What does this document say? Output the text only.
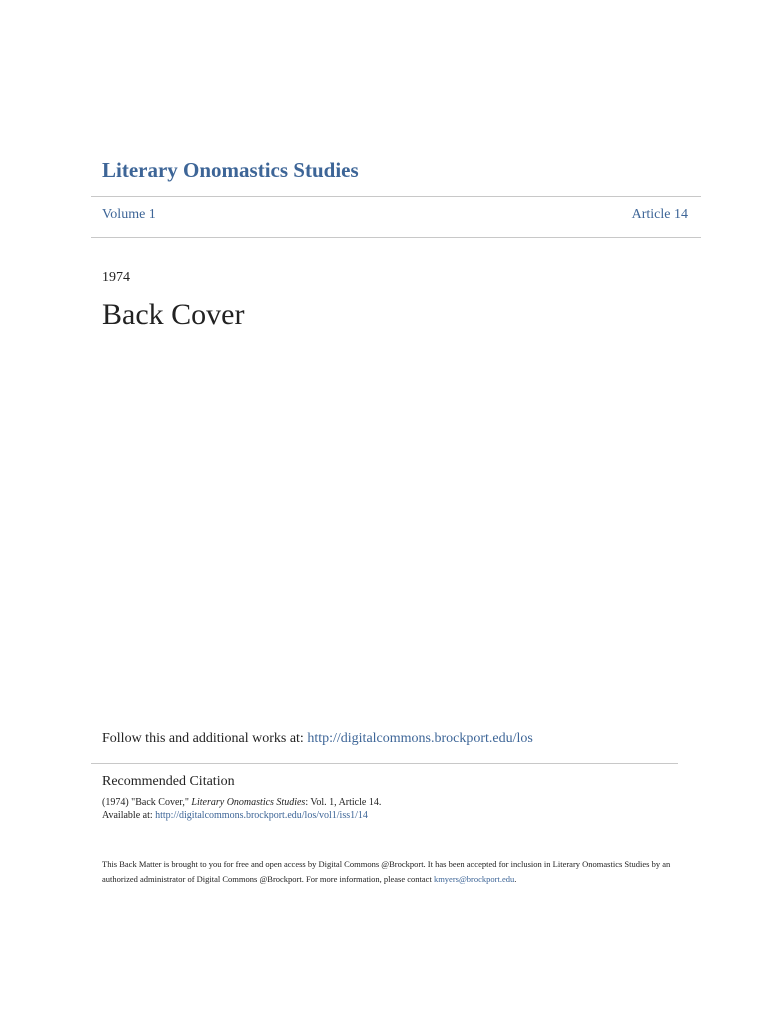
Literary Onomastics Studies
Volume 1	Article 14
1974
Back Cover
Follow this and additional works at: http://digitalcommons.brockport.edu/los
Recommended Citation
(1974) "Back Cover," Literary Onomastics Studies: Vol. 1, Article 14.
Available at: http://digitalcommons.brockport.edu/los/vol1/iss1/14
This Back Matter is brought to you for free and open access by Digital Commons @Brockport. It has been accepted for inclusion in Literary Onomastics Studies by an authorized administrator of Digital Commons @Brockport. For more information, please contact kmyers@brockport.edu.
